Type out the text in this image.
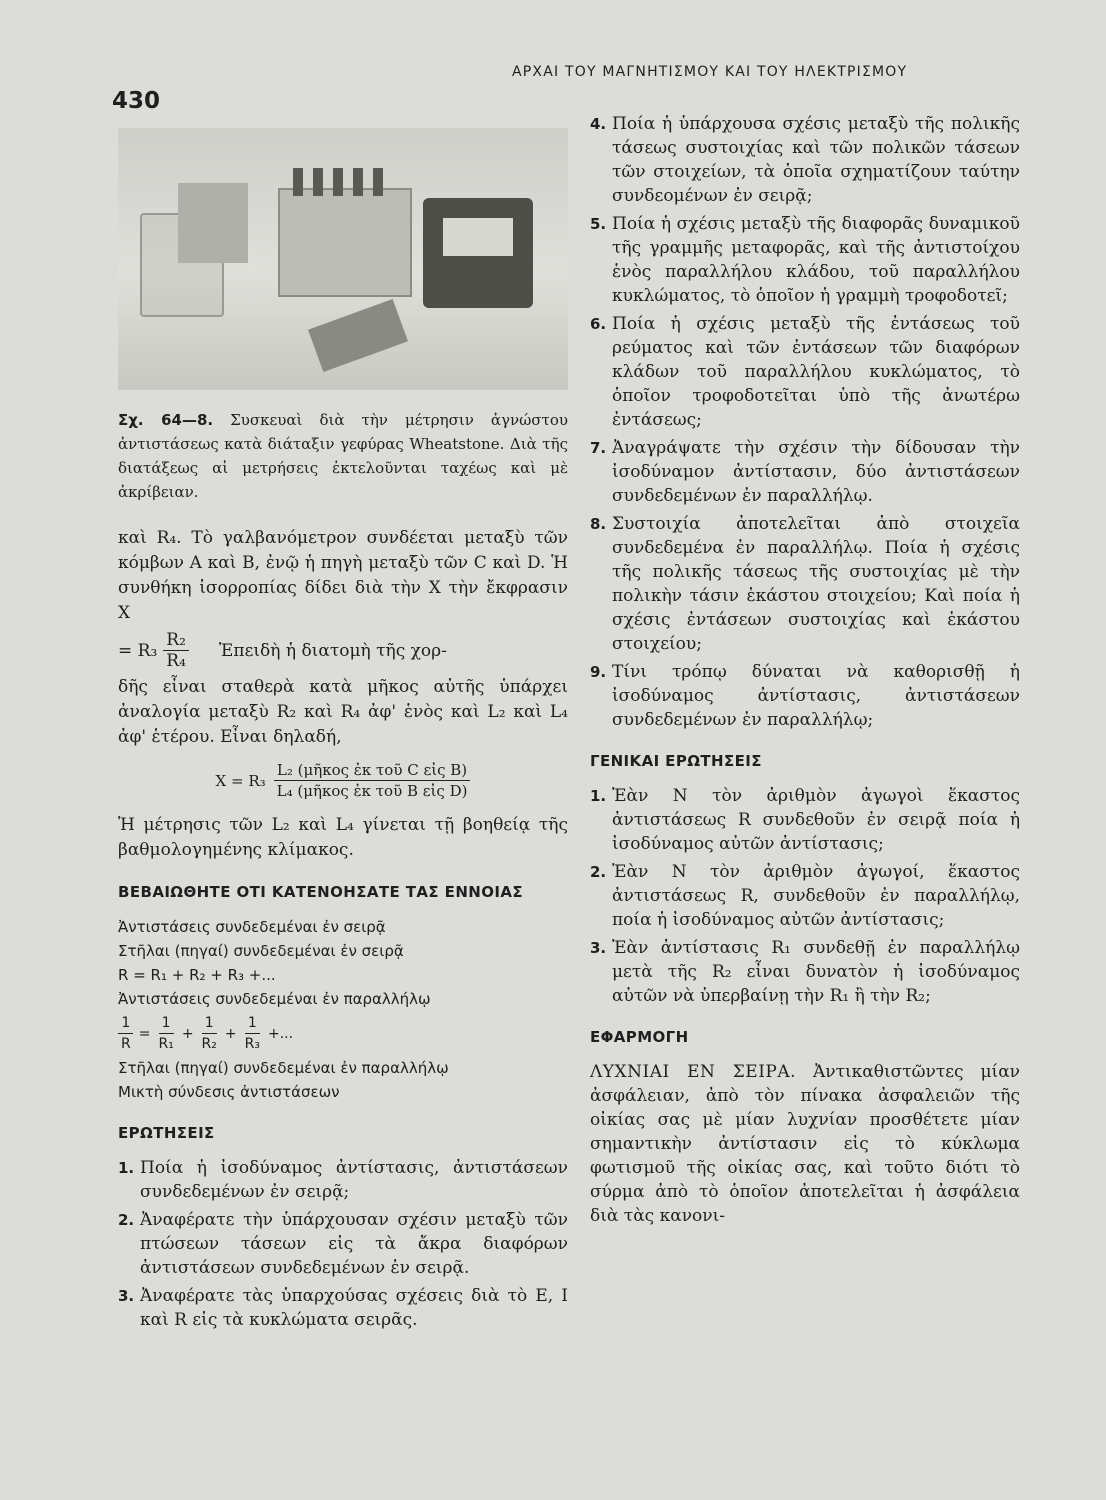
430
ΑΡΧΑΙ ΤΟΥ ΜΑΓΝΗΤΙΣΜΟΥ ΚΑΙ ΤΟΥ ΗΛΕΚΤΡΙΣΜΟΥ

Σχ. 64—8. Συσκευαὶ διὰ τὴν μέτρησιν ἀγνώστου ἀντιστάσεως κατὰ διάταξιν γεφύρας Wheatstone. Διὰ τῆς διατάξεως αἱ μετρήσεις ἐκτελοῦνται ταχέως καὶ μὲ ἀκρίβειαν.

καὶ R₄. Τὸ γαλβανόμετρον συνδέεται μεταξὺ τῶν κόμβων Α καὶ Β, ἐνῷ ἡ πηγὴ μεταξὺ τῶν C καὶ D. Ἡ συνθήκη ἰσορροπίας δίδει διὰ τὴν Χ τὴν ἔκφρασιν Χ

= $R_3 \frac{\text{R₂}}{\text{R₄}}$ Ἐπειδὴ ἡ διατομὴ τῆς χορ-

δῆς εἶναι σταθερὰ κατὰ μῆκος αὐτῆς ὑπάρχει ἀναλογία μεταξὺ R₂ καὶ R₄ ἀφ' ἑνὸς καὶ L₂ καὶ L₄ ἀφ' ἑτέρου. Εἶναι δηλαδή,

$X = R_3 \frac{\text{L₂ (μῆκος ἐκ τοῦ C εἰς B)}}{\text{L₄ (μῆκος ἐκ τοῦ B εἰς D)}}$

Ἡ μέτρησις τῶν L₂ καὶ L₄ γίνεται τῇ βοηθείᾳ τῆς βαθμολογημένης κλίμακος.

ΒΕΒΑΙΩΘΗΤΕ ΟΤΙ ΚΑΤΕΝΟΗΣΑΤΕ ΤΑΣ ΕΝΝΟΙΑΣ
Ἀντιστάσεις συνδεδεμέναι ἐν σειρᾷ
Στῆλαι (πηγαί) συνδεδεμέναι ἐν σειρᾷ
R = R₁ + R₂ + R₃ +...
Ἀντιστάσεις συνδεδεμέναι ἐν παραλλήλῳ
$\frac{1}{R} = \frac{1}{\text{R₁}} + \frac{1}{\text{R₂}} + \frac{1}{\text{R₃}}$ +...
Στῆλαι (πηγαί) συνδεδεμέναι ἐν παραλλήλῳ
Μικτὴ σύνδεσις ἀντιστάσεων
ΕΡΩΤΗΣΕΙΣ
1. Ποία ἡ ἰσοδύναμος ἀντίστασις, ἀντιστάσεων συνδεδεμένων ἐν σειρᾷ;
2. Ἀναφέρατε τὴν ὑπάρχουσαν σχέσιν μεταξὺ τῶν πτώσεων τάσεων εἰς τὰ ἄκρα διαφόρων ἀντιστάσεων συνδεδεμένων ἐν σειρᾷ.
3. Ἀναφέρατε τὰς ὑπαρχούσας σχέσεις διὰ τὸ E, I καὶ R εἰς τὰ κυκλώματα σειρᾶς.
4. Ποία ἡ ὑπάρχουσα σχέσις μεταξὺ τῆς πολικῆς τάσεως συστοιχίας καὶ τῶν πολικῶν τάσεων τῶν στοιχείων, τὰ ὁποῖα σχηματίζουν ταύτην συνδεομένων ἐν σειρᾷ;
5. Ποία ἡ σχέσις μεταξὺ τῆς διαφορᾶς δυναμικοῦ τῆς γραμμῆς μεταφορᾶς, καὶ τῆς ἀντιστοίχου ἑνὸς παραλλήλου κλάδου, τοῦ παραλλήλου κυκλώματος, τὸ ὁποῖον ἡ γραμμὴ τροφοδοτεῖ;
6. Ποία ἡ σχέσις μεταξὺ τῆς ἐντάσεως τοῦ ρεύματος καὶ τῶν ἐντάσεων τῶν διαφόρων κλάδων τοῦ παραλλήλου κυκλώματος, τὸ ὁποῖον τροφοδοτεῖται ὑπὸ τῆς ἀνωτέρω ἐντάσεως;
7. Ἀναγράψατε τὴν σχέσιν τὴν δίδουσαν τὴν ἰσοδύναμον ἀντίστασιν, δύο ἀντιστάσεων συνδεδεμένων ἐν παραλλήλῳ.
8. Συστοιχία ἀποτελεῖται ἀπὸ στοιχεῖα συνδεδεμένα ἐν παραλλήλῳ. Ποία ἡ σχέσις τῆς πολικῆς τάσεως τῆς συστοιχίας μὲ τὴν πολικὴν τάσιν ἑκάστου στοιχείου; Καὶ ποία ἡ σχέσις ἐντάσεων συστοιχίας καὶ ἑκάστου στοιχείου;
9. Τίνι τρόπῳ δύναται νὰ καθορισθῇ ἡ ἰσοδύναμος ἀντίστασις, ἀντιστάσεων συνδεδεμένων ἐν παραλλήλῳ;
ΓΕΝΙΚΑΙ ΕΡΩΤΗΣΕΙΣ
1. Ἐὰν N τὸν ἀριθμὸν ἀγωγοὶ ἕκαστος ἀντιστάσεως R συνδεθοῦν ἐν σειρᾷ ποία ἡ ἰσοδύναμος αὐτῶν ἀντίστασις;
2. Ἐὰν N τὸν ἀριθμὸν ἀγωγοί, ἕκαστος ἀντιστάσεως R, συνδεθοῦν ἐν παραλλήλῳ, ποία ἡ ἰσοδύναμος αὐτῶν ἀντίστασις;
3. Ἐὰν ἀντίστασις R₁ συνδεθῇ ἐν παραλλήλῳ μετὰ τῆς R₂ εἶναι δυνατὸν ἡ ἰσοδύναμος αὐτῶν νὰ ὑπερβαίνῃ τὴν R₁ ἢ τὴν R₂;
ΕΦΑΡΜΟΓΗ

ΛΥΧΝΙΑΙ ΕΝ ΣΕΙΡΑ. Ἀντικαθιστῶντες μίαν ἀσφάλειαν, ἀπὸ τὸν πίνακα ἀσφαλειῶν τῆς οἰκίας σας μὲ μίαν λυχνίαν προσθέτετε μίαν σημαντικὴν ἀντίστασιν εἰς τὸ κύκλωμα φωτισμοῦ τῆς οἰκίας σας, καὶ τοῦτο διότι τὸ σύρμα ἀπὸ τὸ ὁποῖον ἀποτελεῖται ἡ ἀσφάλεια διὰ τὰς κανονι-
